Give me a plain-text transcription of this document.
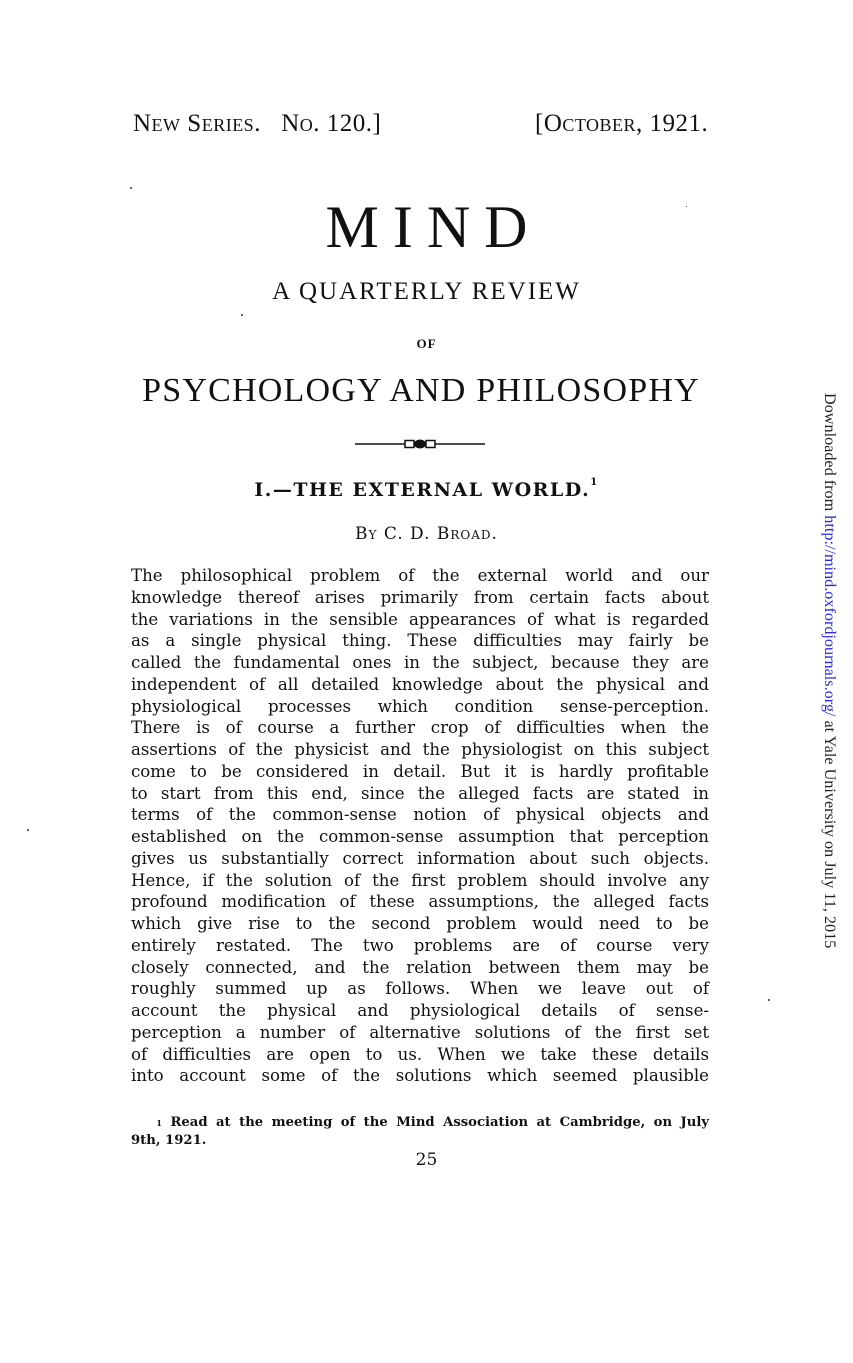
New Series. No. 120.]	[October, 1921.
MIND
A QUARTERLY REVIEW
OF
PSYCHOLOGY AND PHILOSOPHY
I.—THE EXTERNAL WORLD.$^1$
By C. D. Broad.
The philosophical problem of the external world and our
knowledge thereof arises primarily from certain facts about
the variations in the sensible appearances of what is regarded
as a single physical thing. These difficulties may fairly be
called the fundamental ones in the subject, because they are
independent of all detailed knowledge about the physical and
physiological processes which condition sense-perception.
There is of course a further crop of difficulties when the
assertions of the physicist and the physiologist on this subject
come to be considered in detail. But it is hardly profitable
to start from this end, since the alleged facts are stated in
terms of the common-sense notion of physical objects and
established on the common-sense assumption that perception
gives us substantially correct information about such objects.
Hence, if the solution of the first problem should involve any
profound modification of these assumptions, the alleged facts
which give rise to the second problem would need to be
entirely restated. The two problems are of course very
closely connected, and the relation between them may be
roughly summed up as follows. When we leave out of
account the physical and physiological details of sense-
perception a number of alternative solutions of the first set
of difficulties are open to us. When we take these details
into account some of the solutions which seemed plausible
$^1$ Read at the meeting of the Mind Association at Cambridge, on July
9th, 1921.
25
Downloaded from http://mind.oxfordjournals.org/ at Yale University on July 11, 2015
